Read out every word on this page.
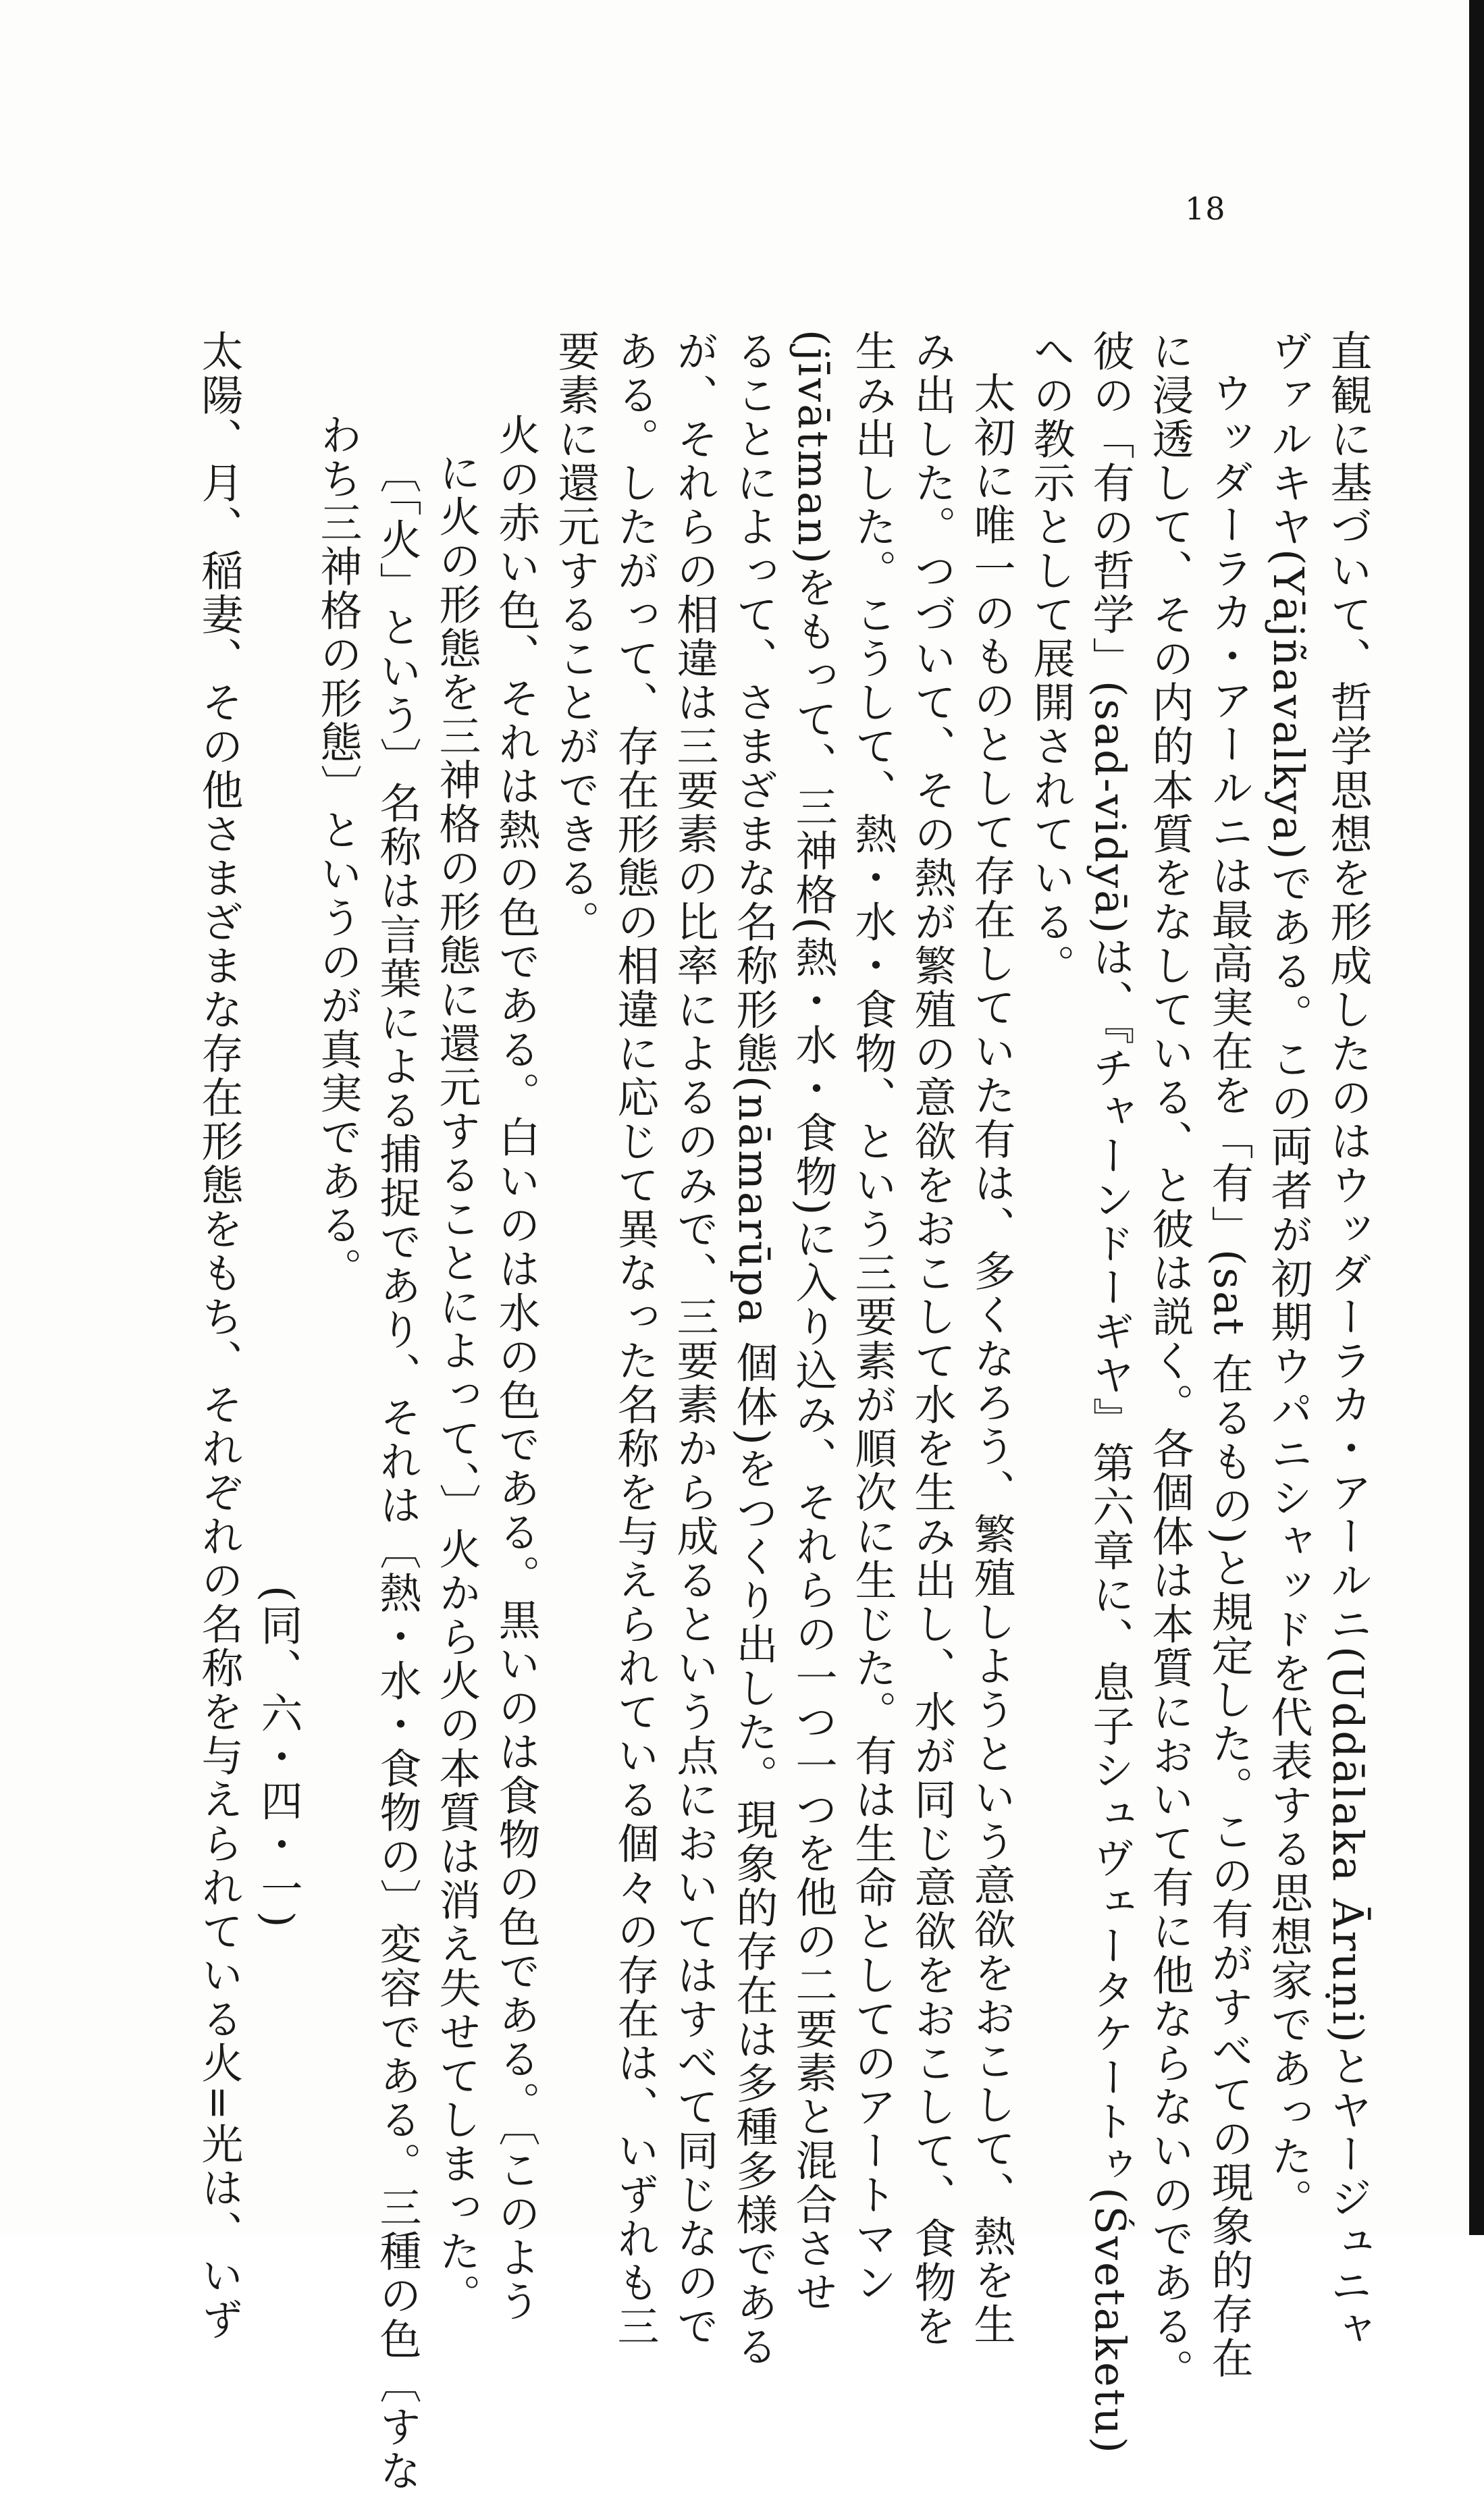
18
直観に基づいて、哲学思想を形成したのはウッダーラカ・アールニ(Uddālaka Āruṇi)とヤージュニャ
ヴァルキヤ(Yājñavalkya)である。この両者が初期ウパニシャッドを代表する思想家であった。
ウッダーラカ・アールニは最高実在を「有」(sat 在るもの)と規定した。この有がすべての現象的存在
に浸透して、その内的本質をなしている、と彼は説く。各個体は本質において有に他ならないのである。
彼の「有の哲学」(sad-vidyā)は、『チャーンドーギヤ』第六章に、息子シュヴェータケートゥ(Śvetaketu)
への教示として展開されている。
太初に唯一のものとして存在していた有は、多くなろう、繁殖しようという意欲をおこして、熱を生
み出した。つづいて、その熱が繁殖の意欲をおこして水を生み出し、水が同じ意欲をおこして、食物を
生み出した。こうして、熱・水・食物、という三要素が順次に生じた。有は生命としてのアートマン
(jīvātman)をもって、三神格(熱・水・食物)に入り込み、それらの一つ一つを他の二要素と混合させ
ることによって、さまざまな名称形態(nāmarūpa 個体)をつくり出した。現象的存在は多種多様である
が、それらの相違は三要素の比率によるのみで、三要素から成るという点においてはすべて同じなので
ある。したがって、存在形態の相違に応じて異なった名称を与えられている個々の存在は、いずれも三
要素に還元することができる。
火の赤い色、それは熱の色である。白いのは水の色である。黒いのは食物の色である。〔このよう
に火の形態を三神格の形態に還元することによって、〕火から火の本質は消え失せてしまった。
〔「火」という〕名称は言葉による捕捉であり、それは〔熱・水・食物の〕変容である。三種の色〔すな
わち三神格の形態〕というのが真実である。
(同、六・四・一)
太陽、月、稲妻、その他さまざまな存在形態をもち、それぞれの名称を与えられている火=光は、いず
